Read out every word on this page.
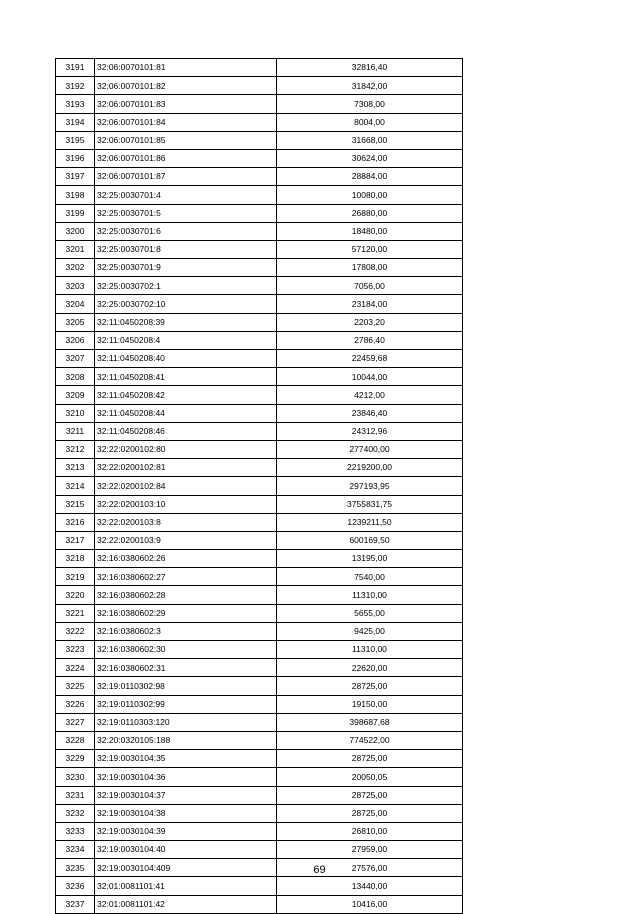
3191	32:06:0070101:81	32816,40
3192	32:06:0070101:82	31842,00
3193	32:06:0070101:83	7308,00
3194	32:06:0070101:84	8004,00
3195	32:06:0070101:85	31668,00
3196	32:06:0070101:86	30624,00
3197	32:06:0070101:87	28884,00
3198	32:25:0030701:4	10080,00
3199	32:25:0030701:5	26880,00
3200	32:25:0030701:6	18480,00
3201	32:25:0030701:8	57120,00
3202	32:25:0030701:9	17808,00
3203	32:25:0030702:1	7056,00
3204	32:25:0030702:10	23184,00
3205	32:11:0450208:39	2203,20
3206	32:11:0450208:4	2786,40
3207	32:11:0450208:40	22459,68
3208	32:11:0450208:41	10044,00
3209	32:11:0450208:42	4212,00
3210	32:11:0450208:44	23846,40
3211	32:11:0450208:46	24312,96
3212	32:22:0200102:80	277400,00
3213	32:22:0200102:81	2219200,00
3214	32:22:0200102:84	297193,95
3215	32:22:0200103:10	3755831,75
3216	32:22:0200103:8	1239211,50
3217	32:22:0200103:9	600169,50
3218	32:16:0380602:26	13195,00
3219	32:16:0380602:27	7540,00
3220	32:16:0380602:28	11310,00
3221	32:16:0380602:29	5655,00
3222	32:16:0380602:3	9425,00
3223	32:16:0380602:30	11310,00
3224	32:16:0380602:31	22620,00
3225	32:19:0110302:98	28725,00
3226	32:19:0110302:99	19150,00
3227	32:19:0110303:120	398687,68
3228	32:20:0320105:188	774522,00
3229	32:19:0030104:35	28725,00
3230	32:19:0030104:36	20050,05
3231	32:19:0030104:37	28725,00
3232	32:19:0030104:38	28725,00
3233	32:19:0030104:39	26810,00
3234	32:19:0030104:40	27959,00
3235	32:19:0030104:409	27576,00
3236	32:01:0081101:41	13440,00
3237	32:01:0081101:42	10416,00
69
